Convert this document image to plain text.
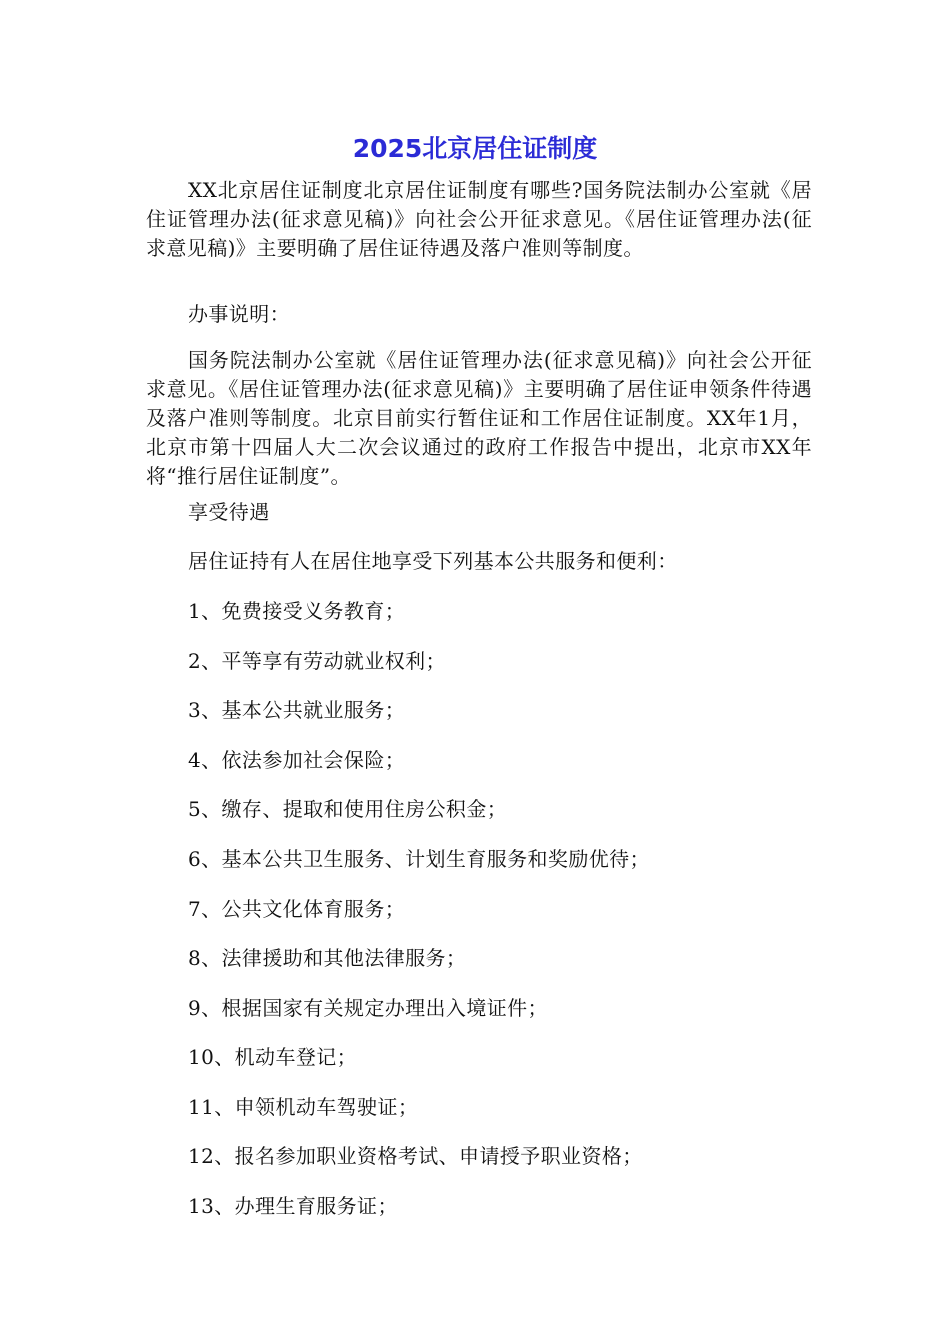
2025北京居住证制度

XX北京居住证制度北京居住证制度有哪些?国务院法制办公室就《居住证管理办法(征求意见稿)》向社会公开征求意见。《居住证管理办法(征求意见稿)》主要明确了居住证待遇及落户准则等制度。

办事说明：

国务院法制办公室就《居住证管理办法(征求意见稿)》向社会公开征求意见。《居住证管理办法(征求意见稿)》主要明确了居住证申领条件待遇及落户准则等制度。北京目前实行暂住证和工作居住证制度。XX年1月，北京市第十四届人大二次会议通过的政府工作报告中提出，北京市XX年将“推行居住证制度”。

享受待遇

居住证持有人在居住地享受下列基本公共服务和便利：

1、免费接受义务教育；

2、平等享有劳动就业权利；

3、基本公共就业服务；

4、依法参加社会保险；

5、缴存、提取和使用住房公积金；

6、基本公共卫生服务、计划生育服务和奖励优待；

7、公共文化体育服务；

8、法律援助和其他法律服务；

9、根据国家有关规定办理出入境证件；

10、机动车登记；

11、申领机动车驾驶证；

12、报名参加职业资格考试、申请授予职业资格；

13、办理生育服务证；
